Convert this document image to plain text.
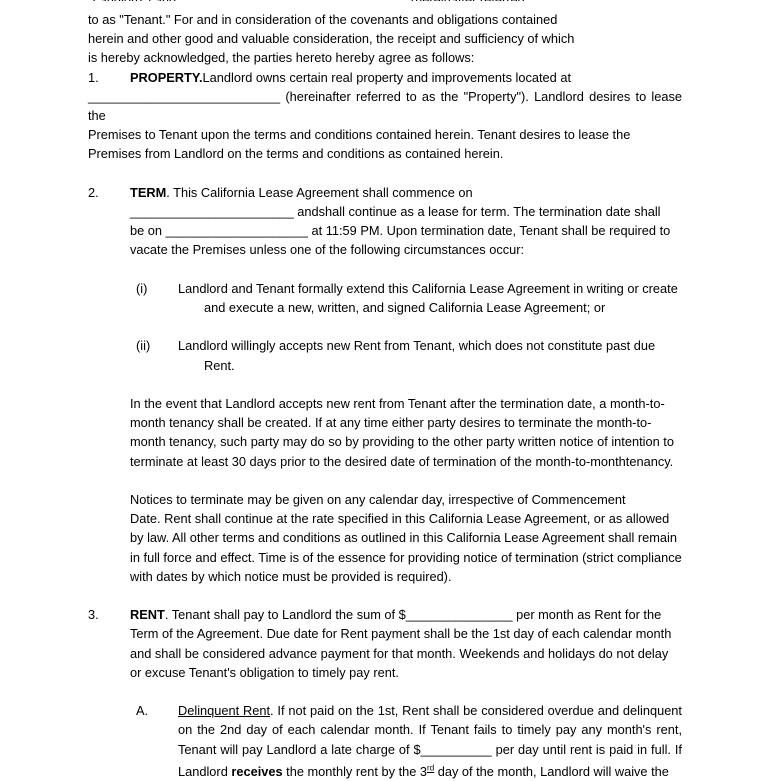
to as "Tenant." For and in consideration of the covenants and obligations contained

herein and other good and valuable consideration, the receipt and sufficiency of which

is hereby acknowledged, the parties hereto hereby agree as follows:

1.	PROPERTY.Landlord owns certain real property and improvements located at

___________________________ (hereinafter referred to as the "Property"). Landlord desires to lease the

Premises to Tenant upon the terms and conditions contained herein. Tenant desires to lease the

Premises from Landlord on the terms and conditions as contained herein.

2.	TERM. This California Lease Agreement shall commence on

_______________________ andshall continue as a lease for term. The termination date shall

be on ____________________ at 11:59 PM. Upon termination date, Tenant shall be required to

vacate the Premises unless one of the following circumstances occur:

(i)	Landlord and Tenant formally extend this California Lease Agreement in writing or create
and execute a new, written, and signed California Lease Agreement; or
(ii)	Landlord willingly accepts new Rent from Tenant, which does not constitute past due
Rent.

In the event that Landlord accepts new rent from Tenant after the termination date, a month-to-

month tenancy shall be created. If at any time either party desires to terminate the month-to-

month tenancy, such party may do so by providing to the other party written notice of intention to

terminate at least 30 days prior to the desired date of termination of the month-to-monthtenancy.

Notices to terminate may be given on any calendar day, irrespective of Commencement

Date. Rent shall continue at the rate specified in this California Lease Agreement, or as allowed

by law. All other terms and conditions as outlined in this California Lease Agreement shall remain

in full force and effect. Time is of the essence for providing notice of termination (strict compliance

with dates by which notice must be provided is required).

3.	RENT. Tenant shall pay to Landlord the sum of $_______________ per month as Rent for the

Term of the Agreement. Due date for Rent payment shall be the 1st day of each calendar month

and shall be considered advance payment for that month. Weekends and holidays do not delay

or excuse Tenant's obligation to timely pay rent.

A.	Delinquent Rent. If not paid on the 1st, Rent shall be considered overdue and delinquent on the 2nd day of each calendar month. If Tenant fails to timely pay any month's rent, Tenant will pay Landlord a late charge of $__________ per day until rent is paid in full. If Landlord receives the monthly rent by the 3rd day of the month, Landlord will waive the
